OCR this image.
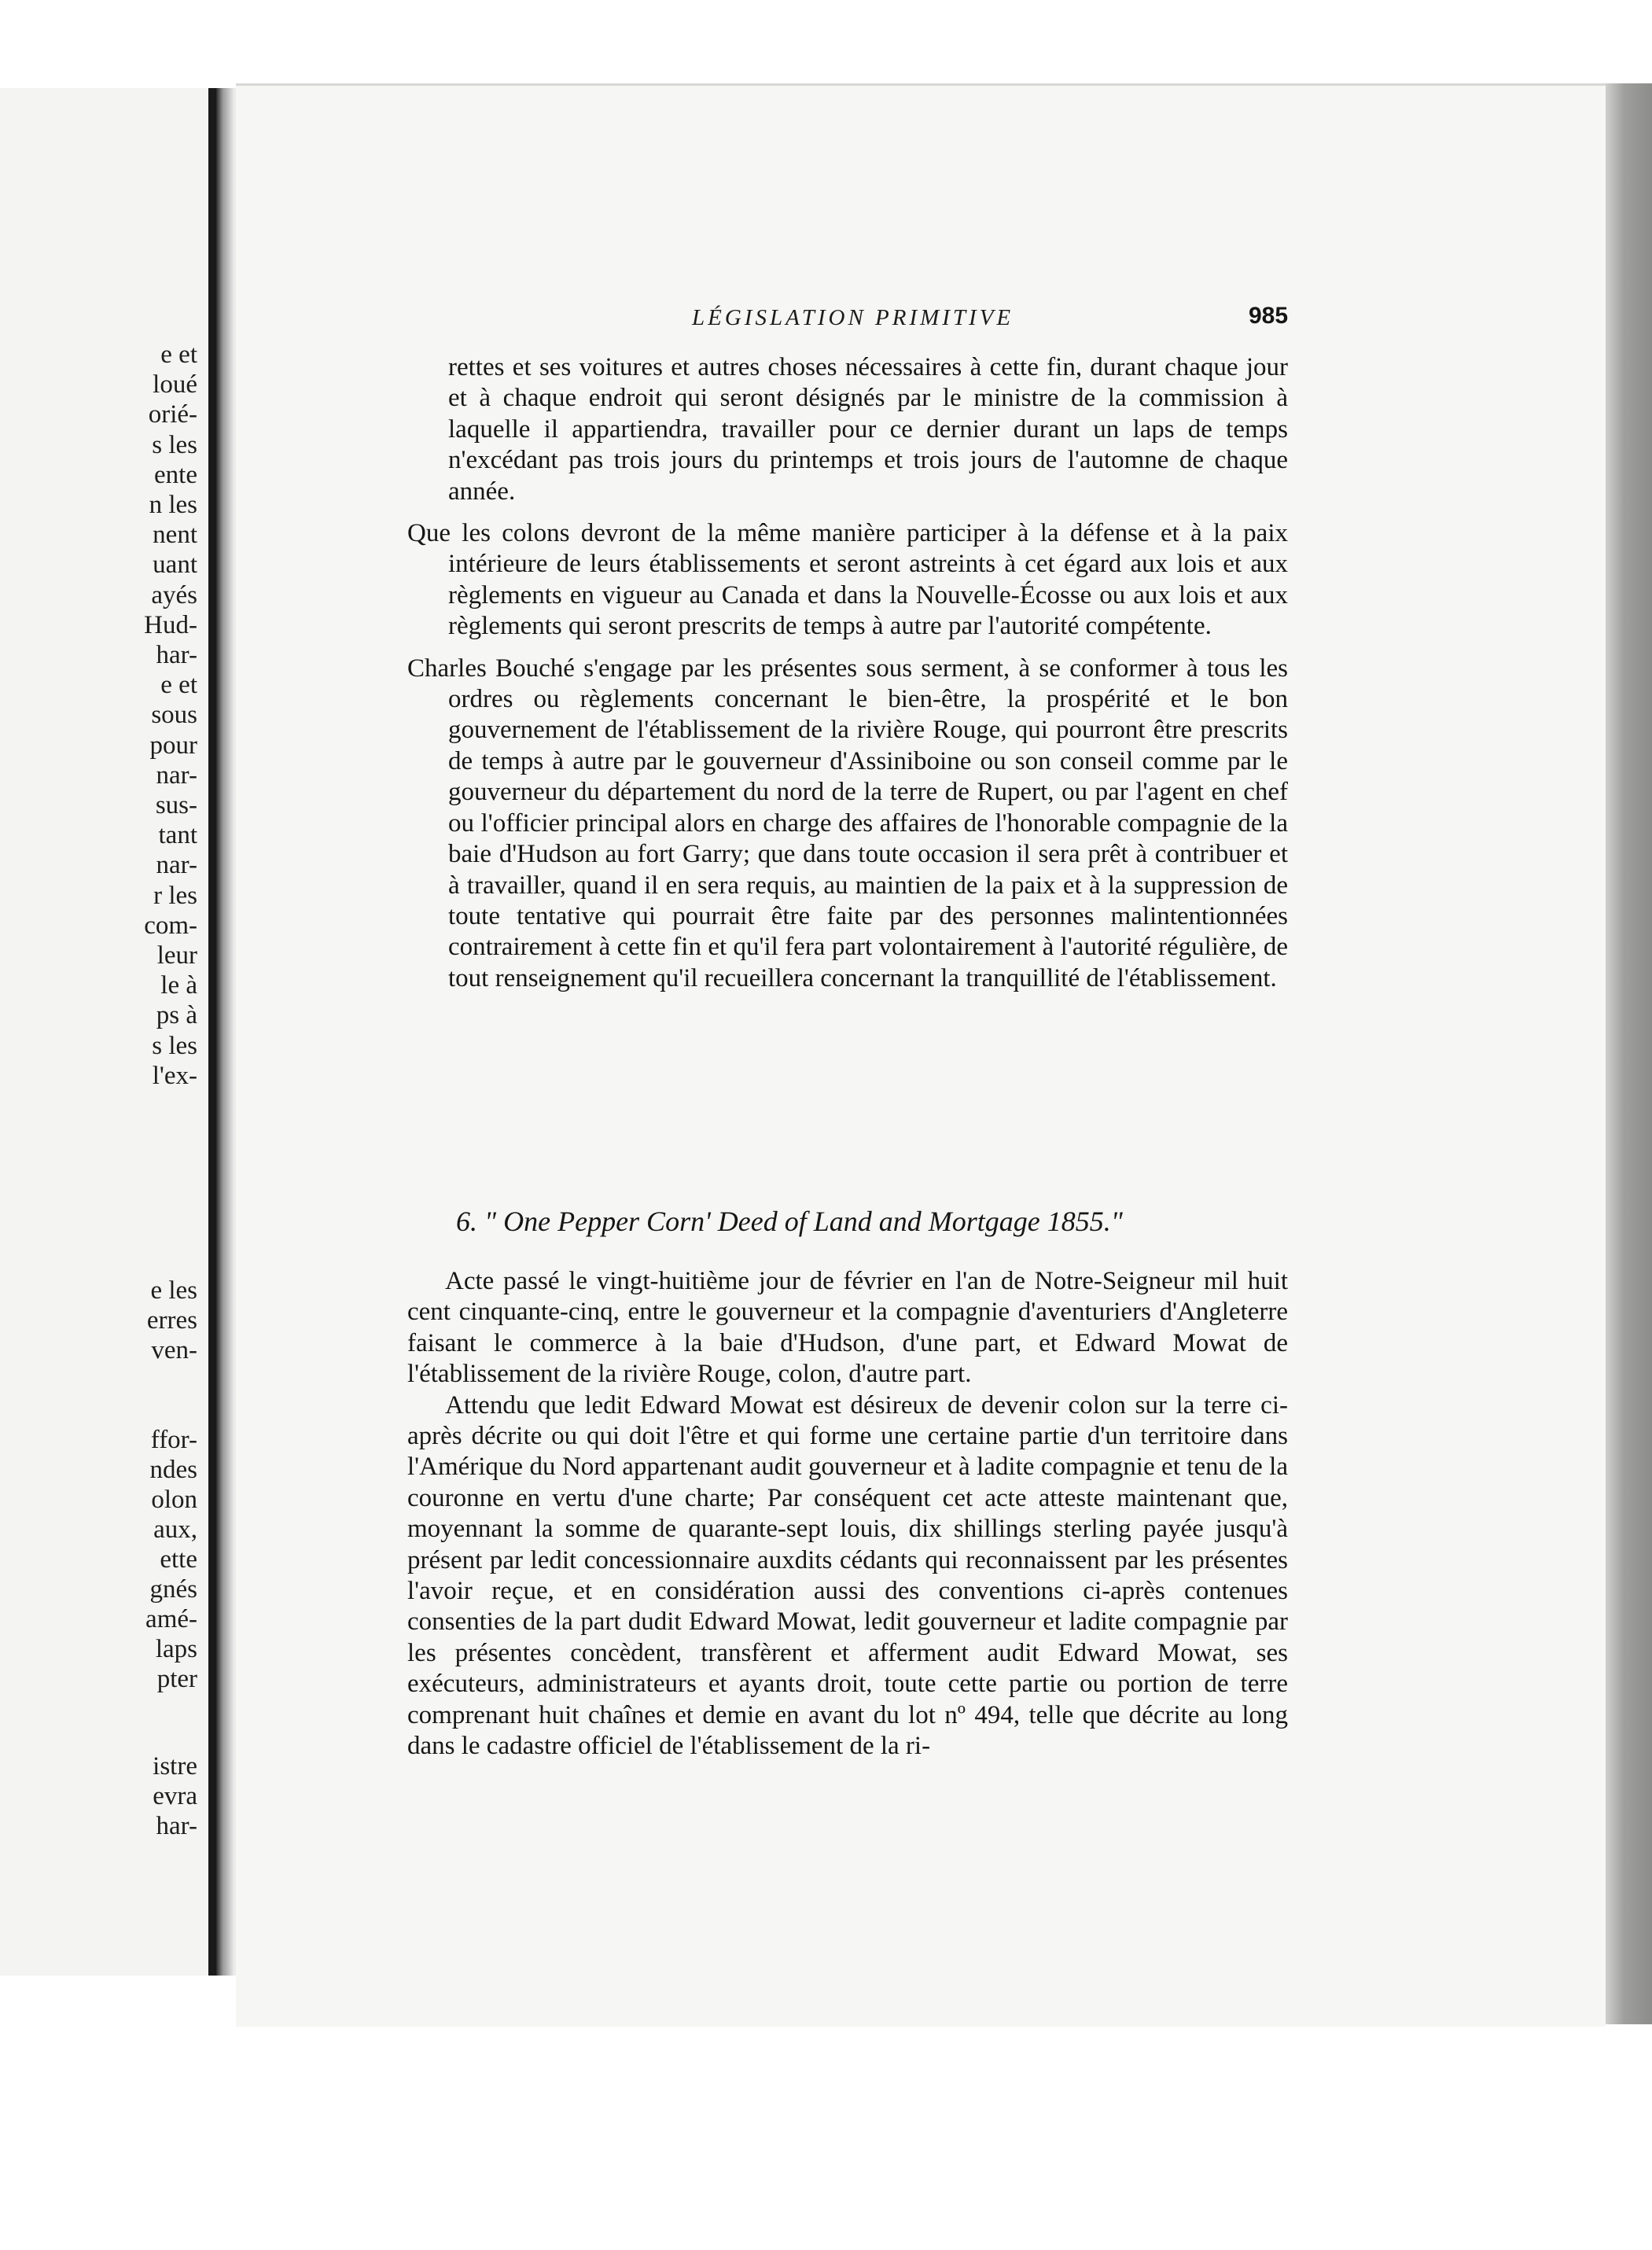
e et
loué
orié-
s les
ente
n les
nent
uant
ayés
Hud-
har-
e et
sous
pour
nar-
sus-
tant
nar-
r les
com-
leur
le à
ps à
s les
l'ex-
e les
erres
ven-
ffor-
ndes
olon
aux,
ette
gnés
amé-
laps
pter
istre
evra
har-
LÉGISLATION PRIMITIVE	985

rettes et ses voitures et autres choses nécessaires à cette fin, durant chaque jour et à chaque endroit qui seront désignés par le ministre de la commission à laquelle il appartiendra, travailler pour ce dernier durant un laps de temps n'excédant pas trois jours du printemps et trois jours de l'automne de chaque année.

Que les colons devront de la même manière participer à la défense et à la paix intérieure de leurs établissements et seront astreints à cet égard aux lois et aux règlements en vigueur au Canada et dans la Nouvelle-Écosse ou aux lois et aux règlements qui seront prescrits de temps à autre par l'autorité compétente.

Charles Bouché s'engage par les présentes sous serment, à se conformer à tous les ordres ou règlements concernant le bien-être, la prospérité et le bon gouvernement de l'établissement de la rivière Rouge, qui pourront être prescrits de temps à autre par le gouverneur d'Assiniboine ou son conseil comme par le gouverneur du département du nord de la terre de Rupert, ou par l'agent en chef ou l'officier principal alors en charge des affaires de l'honorable compagnie de la baie d'Hudson au fort Garry; que dans toute occasion il sera prêt à contribuer et à travailler, quand il en sera requis, au maintien de la paix et à la suppression de toute tentative qui pourrait être faite par des personnes malintentionnées contrairement à cette fin et qu'il fera part volontairement à l'autorité régulière, de tout renseignement qu'il recueillera concernant la tranquillité de l'établissement.

6. " One Pepper Corn' Deed of Land and Mortgage 1855."

Acte passé le vingt-huitième jour de février en l'an de Notre-Seigneur mil huit cent cinquante-cinq, entre le gouverneur et la compagnie d'aventuriers d'Angleterre faisant le commerce à la baie d'Hudson, d'une part, et Edward Mowat de l'établissement de la rivière Rouge, colon, d'autre part.

Attendu que ledit Edward Mowat est désireux de devenir colon sur la terre ci-après décrite ou qui doit l'être et qui forme une certaine partie d'un territoire dans l'Amérique du Nord appartenant audit gouverneur et à ladite compagnie et tenu de la couronne en vertu d'une charte; Par conséquent cet acte atteste maintenant que, moyennant la somme de quarante-sept louis, dix shillings sterling payée jusqu'à présent par ledit concessionnaire auxdits cédants qui reconnaissent par les présentes l'avoir reçue, et en considération aussi des conventions ci-après contenues consenties de la part dudit Edward Mowat, ledit gouverneur et ladite compagnie par les présentes concèdent, transfèrent et afferment audit Edward Mowat, ses exécuteurs, administrateurs et ayants droit, toute cette partie ou portion de terre comprenant huit chaînes et demie en avant du lot nº 494, telle que décrite au long dans le cadastre officiel de l'établissement de la ri-
